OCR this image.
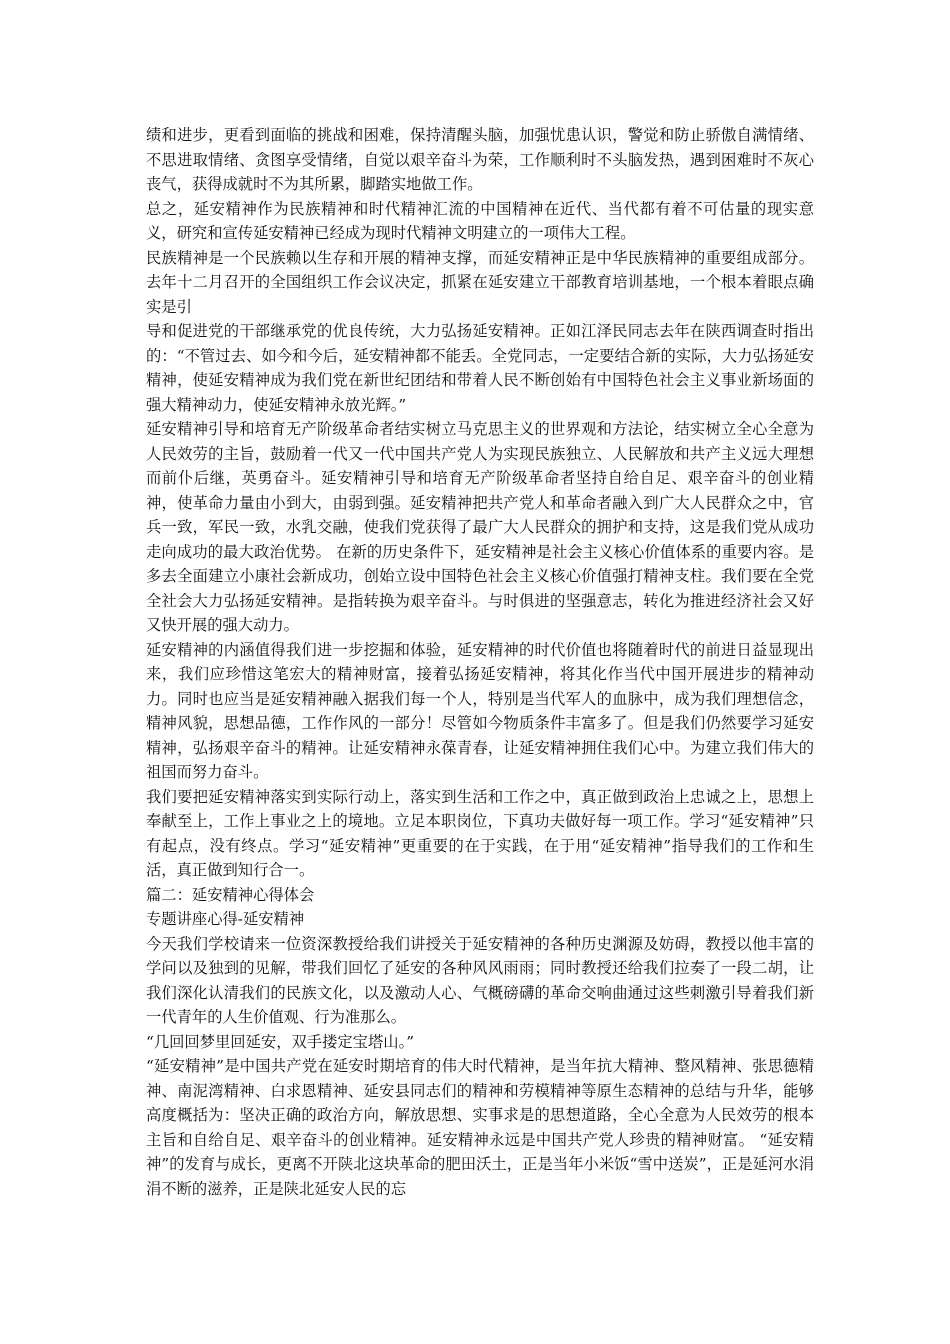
绩和进步，更看到面临的挑战和困难，保持清醒头脑，加强忧患认识，警觉和防止骄傲自满情绪、不思进取情绪、贪图享受情绪，自觉以艰辛奋斗为荣，工作顺利时不头脑发热，遇到困难时不灰心丧气，获得成就时不为其所累，脚踏实地做工作。

总之，延安精神作为民族精神和时代精神汇流的中国精神在近代、当代都有着不可估量的现实意义，研究和宣传延安精神已经成为现时代精神文明建立的一项伟大工程。

民族精神是一个民族赖以生存和开展的精神支撑，而延安精神正是中华民族精神的重要组成部分。去年十二月召开的全国组织工作会议决定，抓紧在延安建立干部教育培训基地，一个根本着眼点确实是引

导和促进党的干部继承党的优良传统，大力弘扬延安精神。正如江泽民同志去年在陕西调查时指出的：“不管过去、如今和今后，延安精神都不能丢。全党同志，一定要结合新的实际，大力弘扬延安精神，使延安精神成为我们党在新世纪团结和带着人民不断创始有中国特色社会主义事业新场面的强大精神动力，使延安精神永放光辉。”

延安精神引导和培育无产阶级革命者结实树立马克思主义的世界观和方法论，结实树立全心全意为人民效劳的主旨，鼓励着一代又一代中国共产党人为实现民族独立、人民解放和共产主义远大理想而前仆后继，英勇奋斗。延安精神引导和培育无产阶级革命者坚持自给自足、艰辛奋斗的创业精神，使革命力量由小到大，由弱到强。延安精神把共产党人和革命者融入到广大人民群众之中，官兵一致，军民一致，水乳交融，使我们党获得了最广大人民群众的拥护和支持，这是我们党从成功走向成功的最大政治优势。 在新的历史条件下，延安精神是社会主义核心价值体系的重要内容。是多去全面建立小康社会新成功，创始立设中国特色社会主义核心价值强打精神支柱。我们要在全党全社会大力弘扬延安精神。是指转换为艰辛奋斗。与时俱进的坚强意志，转化为推进经济社会又好又快开展的强大动力。

延安精神的内涵值得我们进一步挖掘和体验，延安精神的时代价值也将随着时代的前进日益显现出来，我们应珍惜这笔宏大的精神财富，接着弘扬延安精神，将其化作当代中国开展进步的精神动力。同时也应当是延安精神融入据我们每一个人，特别是当代军人的血脉中，成为我们理想信念，精神风貌，思想品德，工作作风的一部分！尽管如今物质条件丰富多了。但是我们仍然要学习延安精神，弘扬艰辛奋斗的精神。让延安精神永葆青春，让延安精神拥住我们心中。为建立我们伟大的祖国而努力奋斗。

我们要把延安精神落实到实际行动上，落实到生活和工作之中，真正做到政治上忠诚之上，思想上奉献至上，工作上事业之上的境地。立足本职岗位，下真功夫做好每一项工作。学习“延安精神”只有起点，没有终点。学习“延安精神”更重要的在于实践，在于用“延安精神”指导我们的工作和生活，真正做到知行合一。

篇二：延安精神心得体会

专题讲座心得-延安精神

今天我们学校请来一位资深教授给我们讲授关于延安精神的各种历史渊源及妨碍，教授以他丰富的学问以及独到的见解，带我们回忆了延安的各种风风雨雨；同时教授还给我们拉奏了一段二胡，让我们深化认清我们的民族文化，以及激动人心、气概磅礴的革命交响曲通过这些刺激引导着我们新一代青年的人生价值观、行为准那么。

“几回回梦里回延安，双手搂定宝塔山。”

“延安精神”是中国共产党在延安时期培育的伟大时代精神，是当年抗大精神、整风精神、张思德精神、南泥湾精神、白求恩精神、延安县同志们的精神和劳模精神等原生态精神的总结与升华，能够高度概括为：坚决正确的政治方向，解放思想、实事求是的思想道路，全心全意为人民效劳的根本主旨和自给自足、艰辛奋斗的创业精神。延安精神永远是中国共产党人珍贵的精神财富。 “延安精神”的发育与成长，更离不开陕北这块革命的肥田沃土，正是当年小米饭“雪中送炭”，正是延河水涓涓不断的滋养，正是陕北延安人民的忘
